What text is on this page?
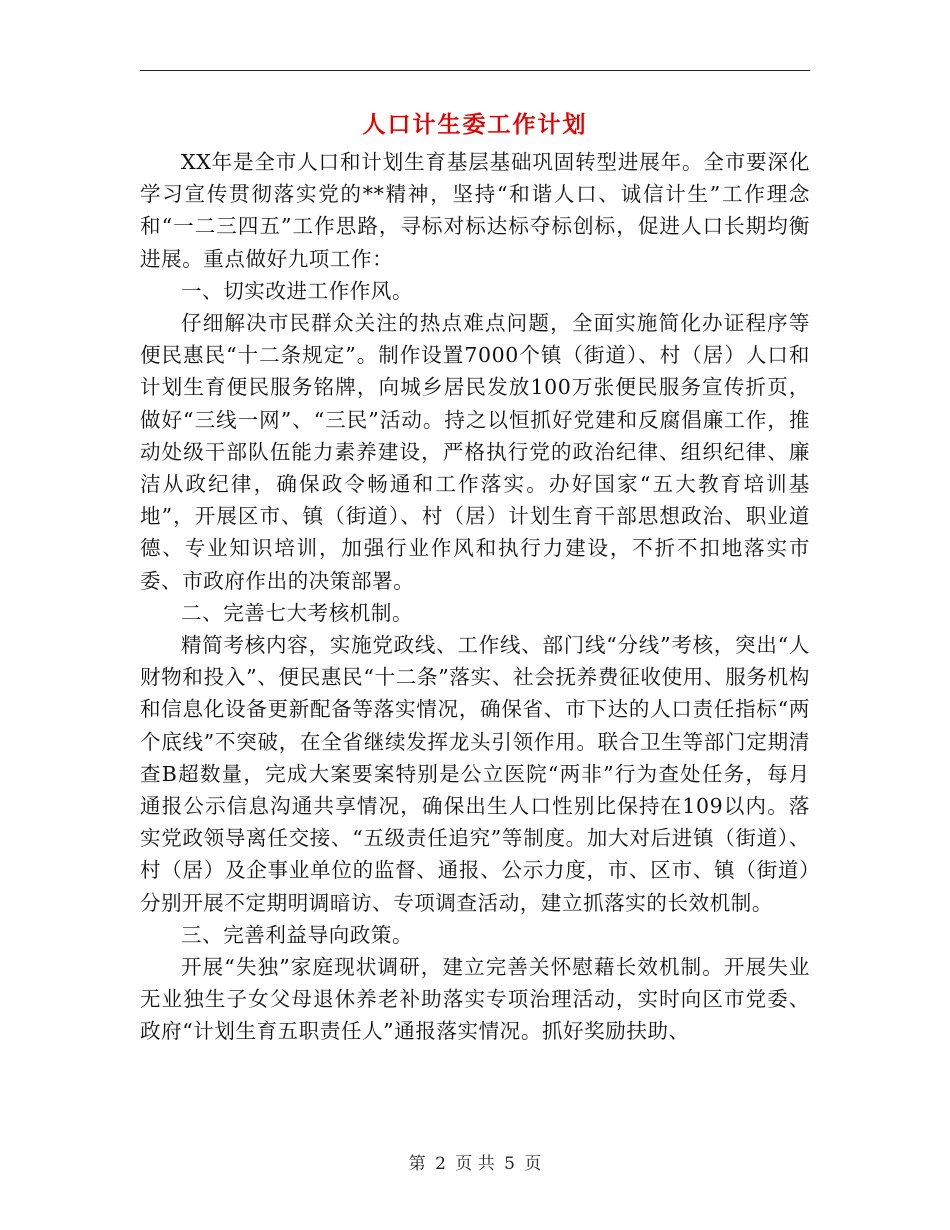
人口计生委工作计划

XX年是全市人口和计划生育基层基础巩固转型进展年。全市要深化学习宣传贯彻落实党的**精神，坚持“和谐人口、诚信计生”工作理念和“一二三四五”工作思路，寻标对标达标夺标创标，促进人口长期均衡进展。重点做好九项工作：

一、切实改进工作作风。

仔细解决市民群众关注的热点难点问题，全面实施简化办证程序等便民惠民“十二条规定”。制作设置7000个镇（街道）、村（居）人口和计划生育便民服务铭牌，向城乡居民发放100万张便民服务宣传折页，做好“三线一网”、“三民”活动。持之以恒抓好党建和反腐倡廉工作，推动处级干部队伍能力素养建设，严格执行党的政治纪律、组织纪律、廉洁从政纪律，确保政令畅通和工作落实。办好国家“五大教育培训基地”，开展区市、镇（街道）、村（居）计划生育干部思想政治、职业道德、专业知识培训，加强行业作风和执行力建设，不折不扣地落实市委、市政府作出的决策部署。

二、完善七大考核机制。

精简考核内容，实施党政线、工作线、部门线“分线”考核，突出“人财物和投入”、便民惠民“十二条”落实、社会抚养费征收使用、服务机构和信息化设备更新配备等落实情况，确保省、市下达的人口责任指标“两个底线”不突破，在全省继续发挥龙头引领作用。联合卫生等部门定期清查B超数量，完成大案要案特别是公立医院“两非”行为查处任务，每月通报公示信息沟通共享情况，确保出生人口性别比保持在109以内。落实党政领导离任交接、“五级责任追究”等制度。加大对后进镇（街道）、村（居）及企事业单位的监督、通报、公示力度，市、区市、镇（街道）分别开展不定期明调暗访、专项调查活动，建立抓落实的长效机制。

三、完善利益导向政策。

开展“失独”家庭现状调研，建立完善关怀慰藉长效机制。开展失业无业独生子女父母退休养老补助落实专项治理活动，实时向区市党委、政府“计划生育五职责任人”通报落实情况。抓好奖励扶助、

第 2 页 共 5 页
